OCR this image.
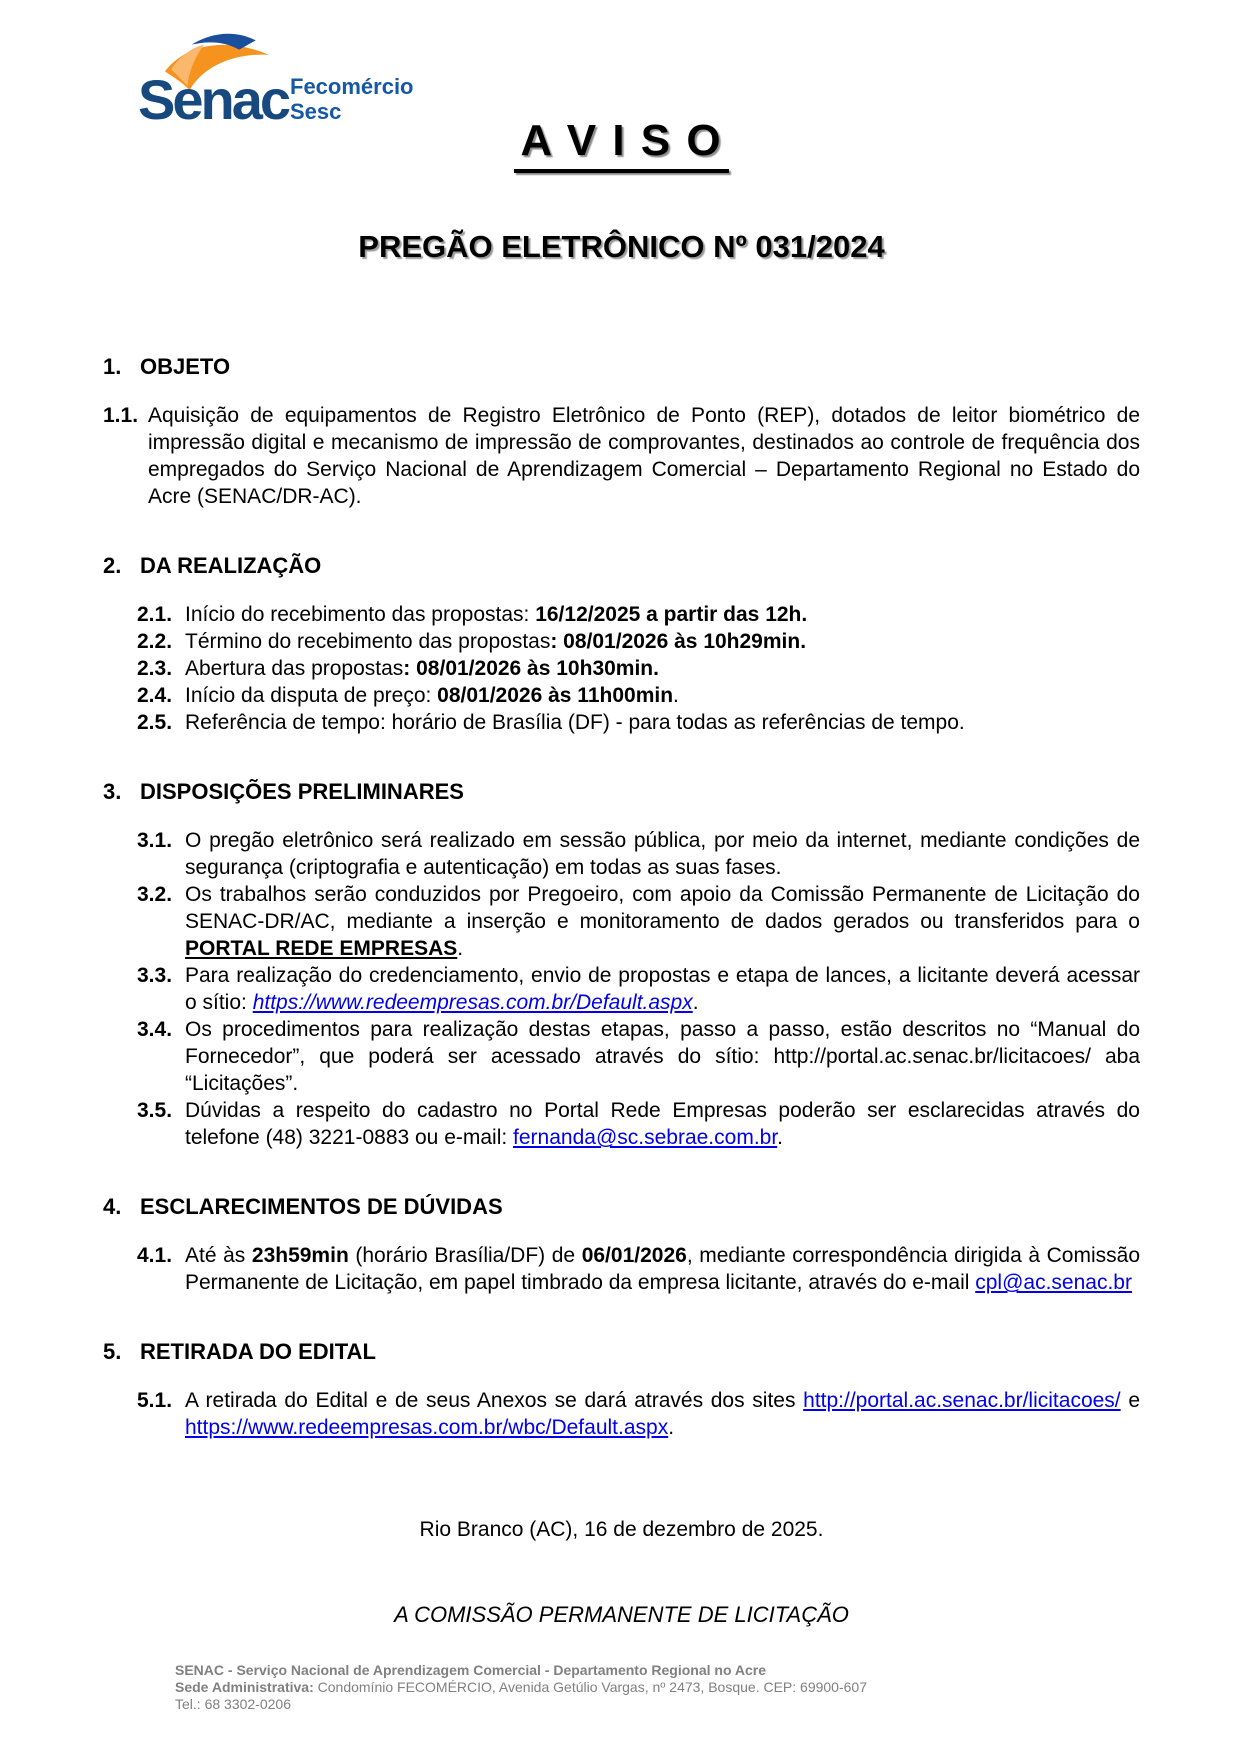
Senac Fecomércio
Sesc
A V I S O
PREGÃO ELETRÔNICO Nº 031/2024
1. OBJETO
1.1. Aquisição de equipamentos de Registro Eletrônico de Ponto (REP), dotados de leitor biométrico de impressão digital e mecanismo de impressão de comprovantes, destinados ao controle de frequência dos empregados do Serviço Nacional de Aprendizagem Comercial – Departamento Regional no Estado do Acre (SENAC/DR-AC).
2. DA REALIZAÇÃO
2.1. Início do recebimento das propostas: 16/12/2025 a partir das 12h.
2.2. Término do recebimento das propostas: 08/01/2026 às 10h29min.
2.3. Abertura das propostas: 08/01/2026 às 10h30min.
2.4. Início da disputa de preço: 08/01/2026 às 11h00min.
2.5. Referência de tempo: horário de Brasília (DF) - para todas as referências de tempo.
3. DISPOSIÇÕES PRELIMINARES
3.1. O pregão eletrônico será realizado em sessão pública, por meio da internet, mediante condições de segurança (criptografia e autenticação) em todas as suas fases.
3.2. Os trabalhos serão conduzidos por Pregoeiro, com apoio da Comissão Permanente de Licitação do SENAC-DR/AC, mediante a inserção e monitoramento de dados gerados ou transferidos para o PORTAL REDE EMPRESAS.
3.3. Para realização do credenciamento, envio de propostas e etapa de lances, a licitante deverá acessar o sítio: https://www.redeempresas.com.br/Default.aspx.
3.4. Os procedimentos para realização destas etapas, passo a passo, estão descritos no “Manual do Fornecedor”, que poderá ser acessado através do sítio: http://portal.ac.senac.br/licitacoes/ aba “Licitações”.
3.5. Dúvidas a respeito do cadastro no Portal Rede Empresas poderão ser esclarecidas através do telefone (48) 3221-0883 ou e-mail: fernanda@sc.sebrae.com.br.
4. ESCLARECIMENTOS DE DÚVIDAS
4.1. Até às 23h59min (horário Brasília/DF) de 06/01/2026, mediante correspondência dirigida à Comissão Permanente de Licitação, em papel timbrado da empresa licitante, através do e-mail cpl@ac.senac.br
5. RETIRADA DO EDITAL
5.1. A retirada do Edital e de seus Anexos se dará através dos sites http://portal.ac.senac.br/licitacoes/ e https://www.redeempresas.com.br/wbc/Default.aspx.
Rio Branco (AC), 16 de dezembro de 2025.
A COMISSÃO PERMANENTE DE LICITAÇÃO
SENAC - Serviço Nacional de Aprendizagem Comercial - Departamento Regional no Acre
Sede Administrativa: Condomínio FECOMÉRCIO, Avenida Getúlio Vargas, nº 2473, Bosque. CEP: 69900-607
Tel.: 68 3302-0206
